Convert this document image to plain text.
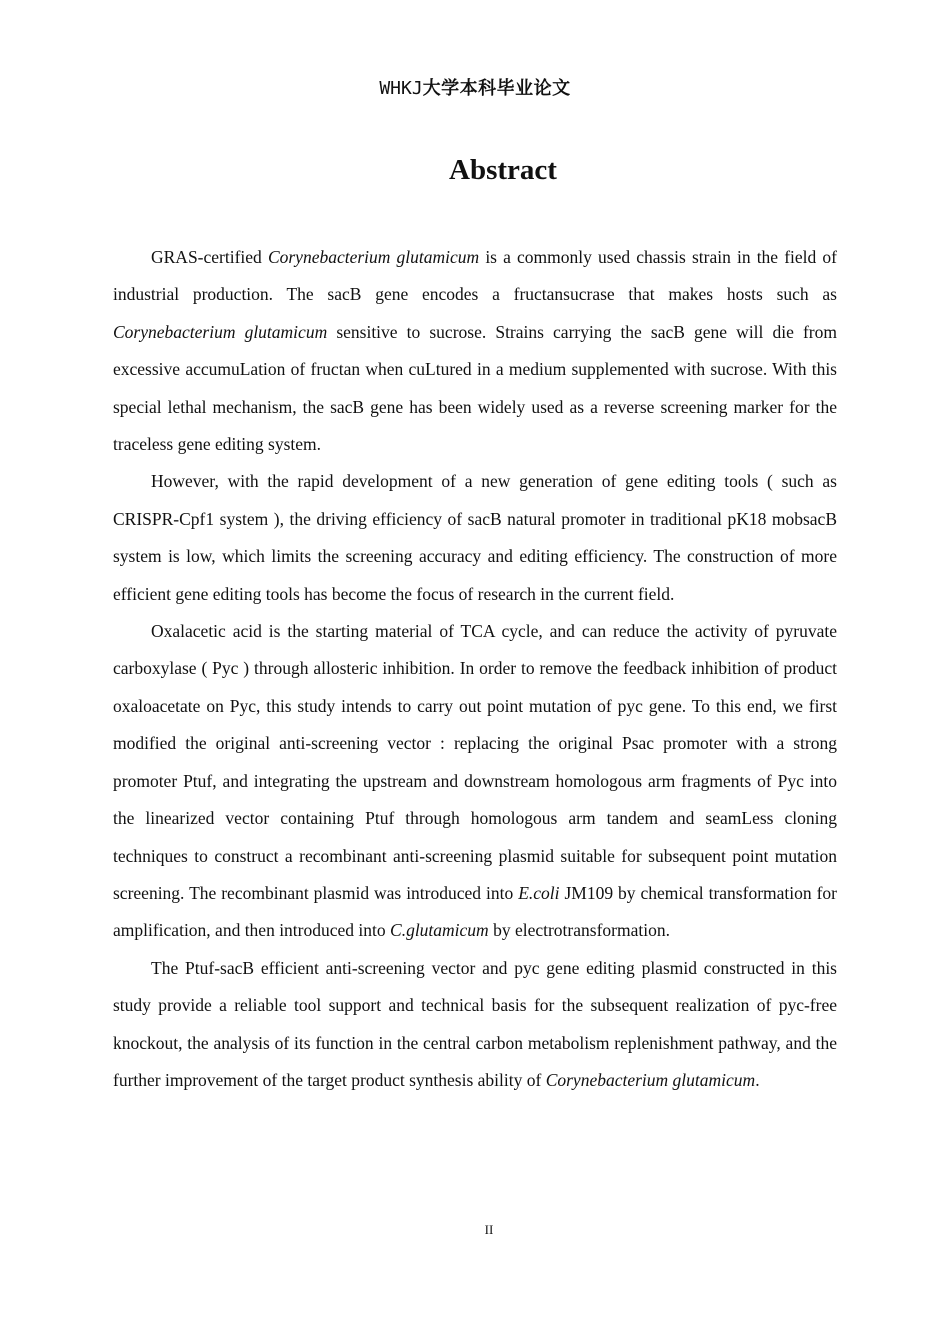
WHKJ大学本科毕业论文
Abstract

GRAS-certified Corynebacterium glutamicum is a commonly used chassis strain in the field of industrial production. The sacB gene encodes a fructansucrase that makes hosts such as Corynebacterium glutamicum sensitive to sucrose. Strains carrying the sacB gene will die from excessive accumuLation of fructan when cuLtured in a medium supplemented with sucrose. With this special lethal mechanism, the sacB gene has been widely used as a reverse screening marker for the traceless gene editing system.

However, with the rapid development of a new generation of gene editing tools ( such as CRISPR-Cpf1 system ), the driving efficiency of sacB natural promoter in traditional pK18 mobsacB system is low, which limits the screening accuracy and editing efficiency. The construction of more efficient gene editing tools has become the focus of research in the current field.

Oxalacetic acid is the starting material of TCA cycle, and can reduce the activity of pyruvate carboxylase ( Pyc ) through allosteric inhibition. In order to remove the feedback inhibition of product oxaloacetate on Pyc, this study intends to carry out point mutation of pyc gene. To this end, we first modified the original anti-screening vector : replacing the original Psac promoter with a strong promoter Ptuf, and integrating the upstream and downstream homologous arm fragments of Pyc into the linearized vector containing Ptuf through homologous arm tandem and seamLess cloning techniques to construct a recombinant anti-screening plasmid suitable for subsequent point mutation screening. The recombinant plasmid was introduced into E.coli JM109 by chemical transformation for amplification, and then introduced into C.glutamicum by electrotransformation.

The Ptuf-sacB efficient anti-screening vector and pyc gene editing plasmid constructed in this study provide a reliable tool support and technical basis for the subsequent realization of pyc-free knockout, the analysis of its function in the central carbon metabolism replenishment pathway, and the further improvement of the target product synthesis ability of Corynebacterium glutamicum.

II
